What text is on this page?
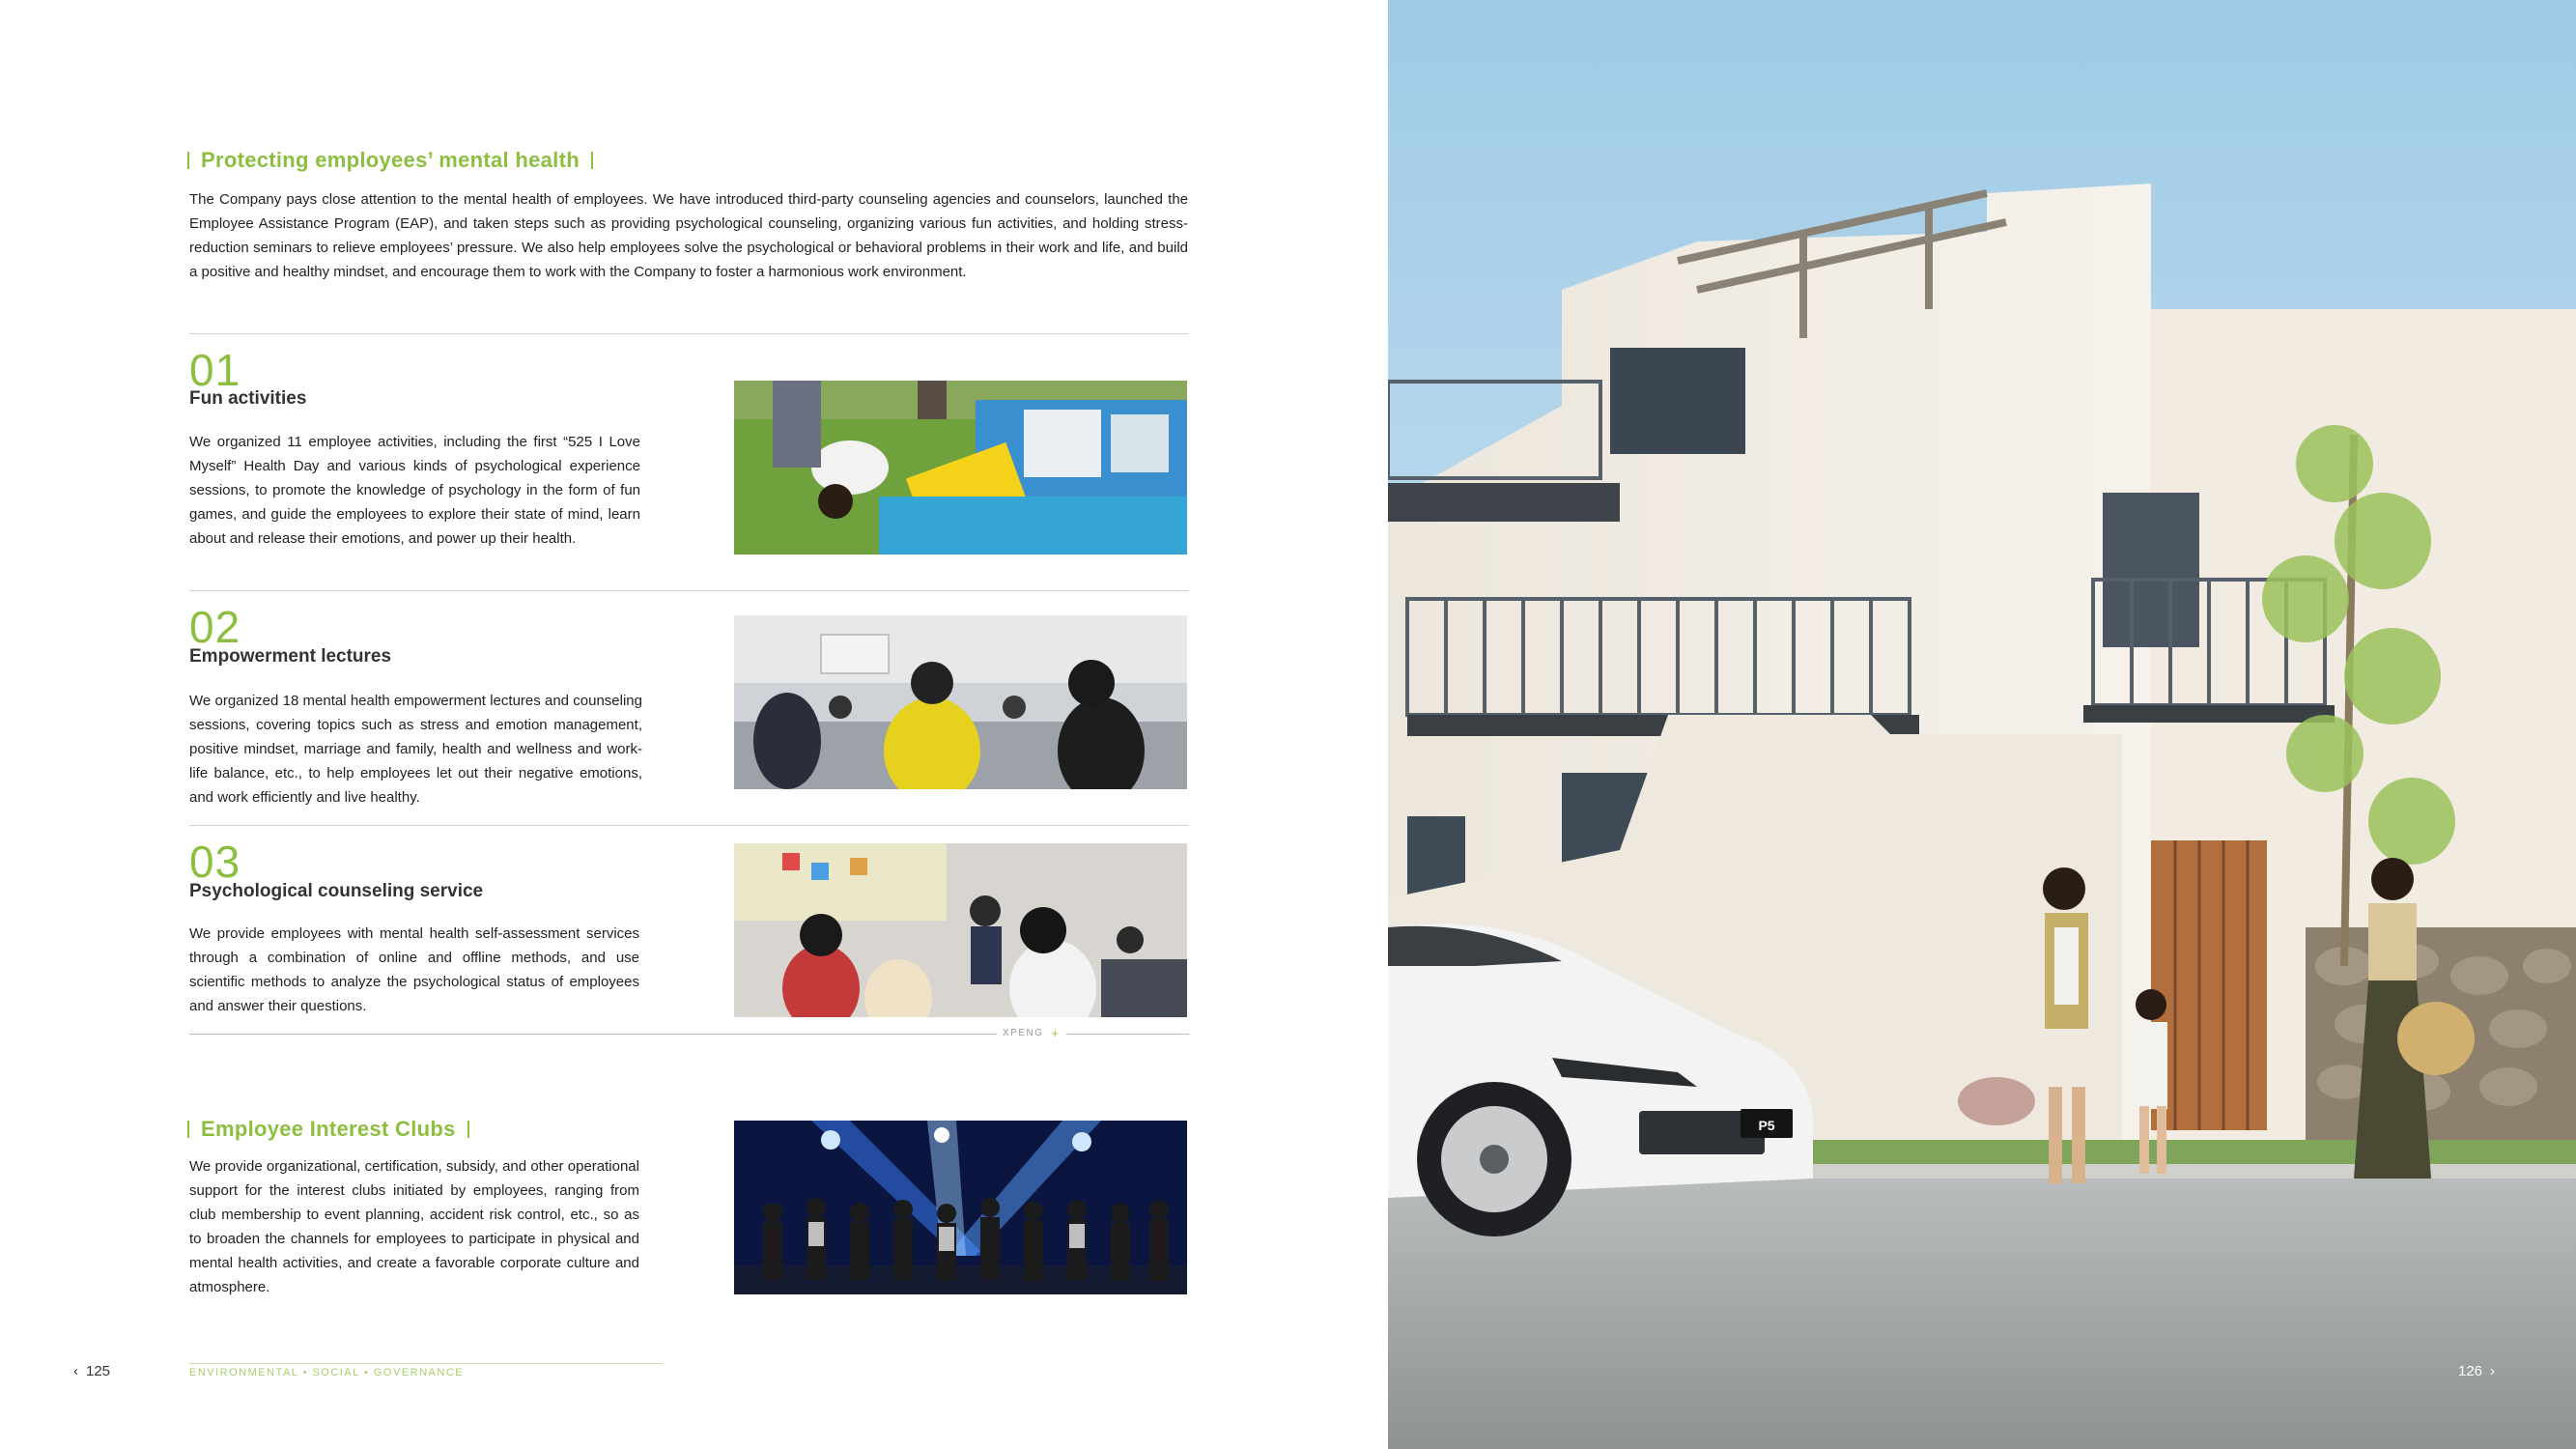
Protecting employees’ mental health

The Company pays close attention to the mental health of employees. We have introduced third-party counseling agencies and counselors, launched the Employee Assistance Program (EAP), and taken steps such as providing psychological counseling, organizing various fun activities, and holding stress-reduction seminars to relieve employees’ pressure. We also help employees solve the psychological or behavioral problems in their work and life, and build a positive and healthy mindset, and encourage them to work with the Company to foster a harmonious work environment.

01
Fun activities

We organized 11 employee activities, including the first “525 I Love Myself” Health Day and various kinds of psychological experience sessions, to promote the knowledge of psychology in the form of fun games, and guide the employees to explore their state of mind, learn about and release their emotions, and power up their health.

02
Empowerment lectures

We organized 18 mental health empowerment lectures and counseling sessions, covering topics such as stress and emotion management, positive mindset, marriage and family, health and wellness and work-life balance, etc., to help employees let out their negative emotions, and work efficiently and live healthy.

03
Psychological counseling service

We provide employees with mental health self-assessment services through a combination of online and offline methods, and use scientific methods to analyze the psychological status of employees and answer their questions.

XPENG +
Employee Interest Clubs

We provide organizational, certification, subsidy, and other operational support for the interest clubs initiated by employees, ranging from club membership to event planning, accident risk control, etc., so as to broaden the channels for employees to participate in physical and mental health activities, and create a favorable corporate culture and atmosphere.

‹ 125	ENVIRONMENTAL • SOCIAL • GOVERNANCE
P5
126 ›
